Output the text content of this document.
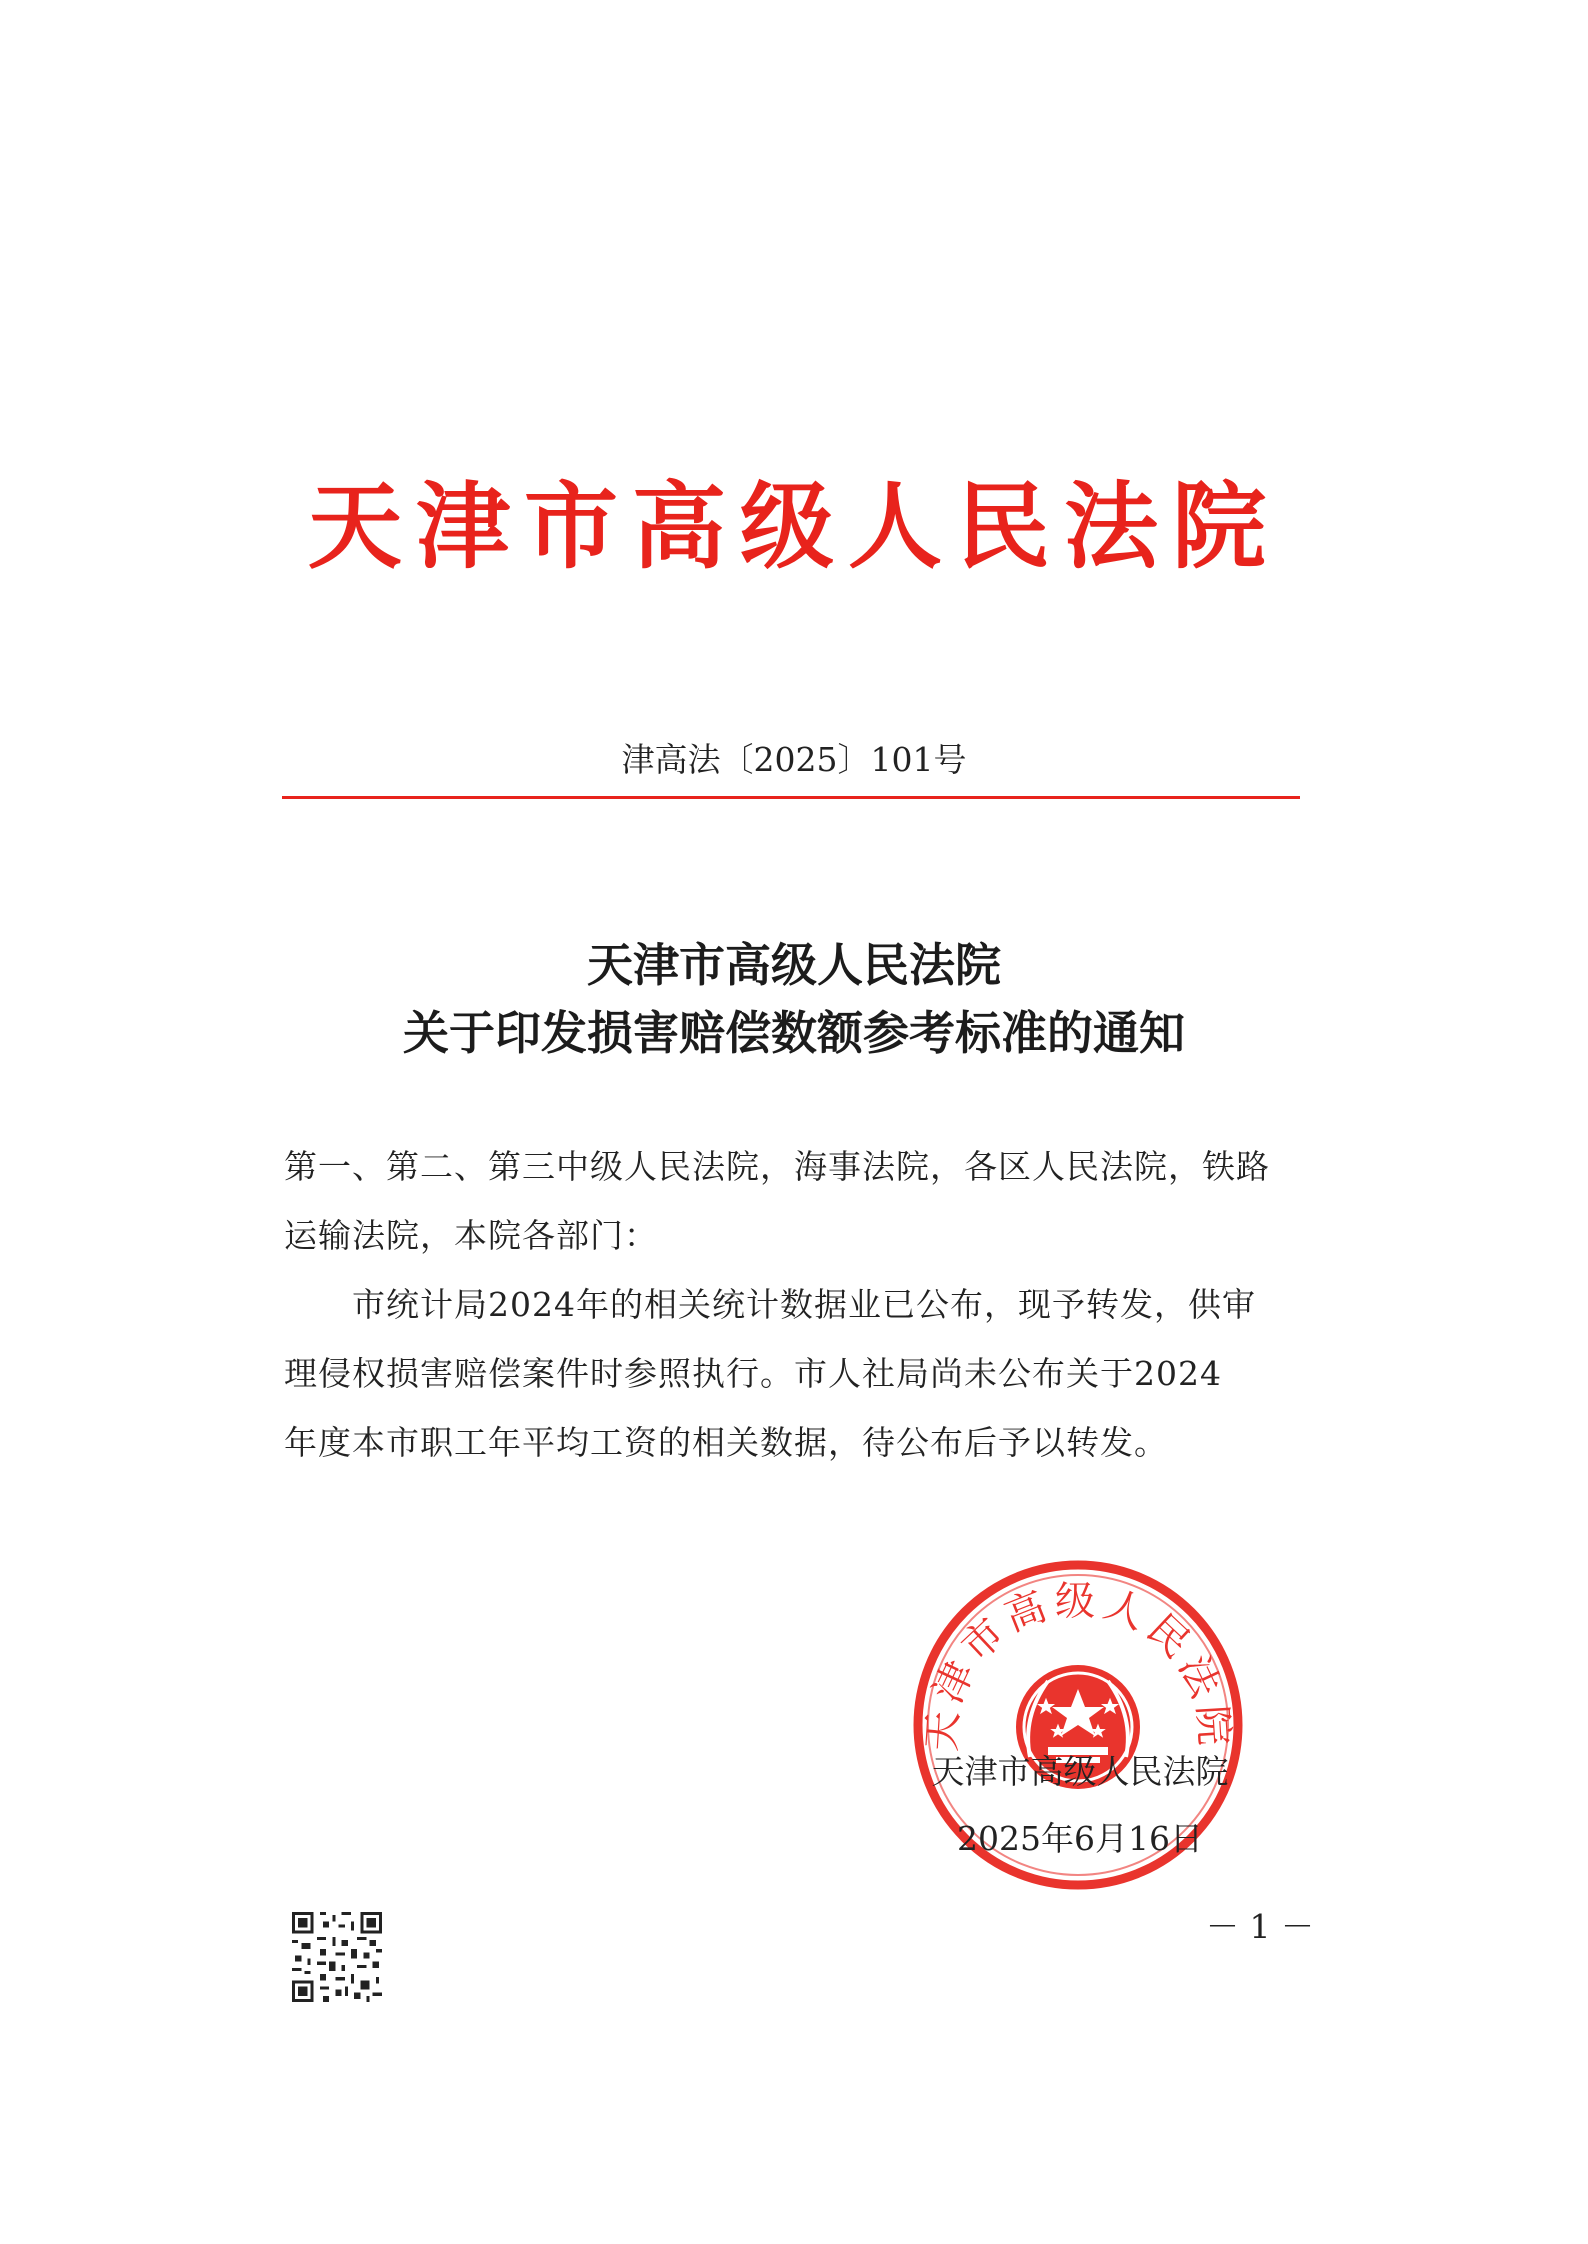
天津市高级人民法院
津高法〔2025〕101号
天津市高级人民法院
关于印发损害赔偿数额参考标准的通知
第一、第二、第三中级人民法院，海事法院，各区人民法院，铁路
运输法院，本院各部门：
　　市统计局2024年的相关统计数据业已公布，现予转发，供审
理侵权损害赔偿案件时参照执行。市人社局尚未公布关于2024
年度本市职工年平均工资的相关数据，待公布后予以转发。
天津市高级人民法院
天津市高级人民法院
2025年6月16日
－ 1 －
